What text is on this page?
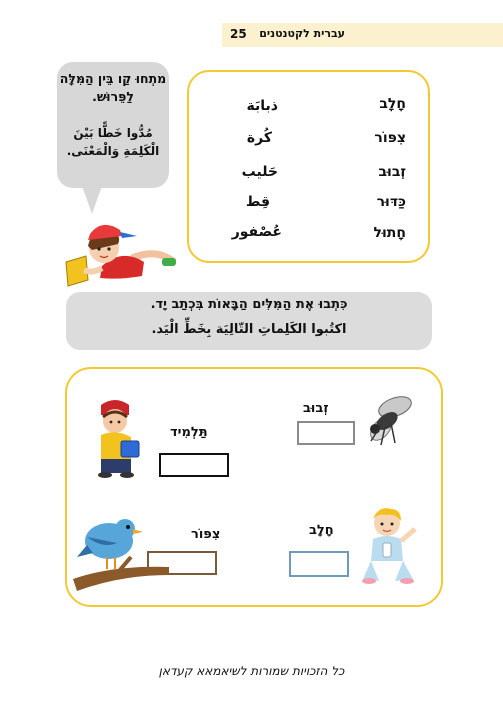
25 עברית לקטנטנים
מתְחוּ קַו בֵּין הַמִּלָּה לַפֵּרוּשׁ.
مُدُّوا خَطًّا بَيْنَ الْكَلِمَةِ وَالْمَعْنَى.
חָלָב
צִפּוֹר
זְבוּב
כַּדּוּר
חָתוּל
ذبابَة
كُرة
حَليب
قِط
عُصْفور
כִּתְבוּ אֶת הַמִּלִּים הַבָּאוֹת בִּכְתַב יָד.
اكتُبوا الكَلِماتِ التّالِيَة بِخَطِّ الْيَد.
זְבוּב
תַּלְמִיד
צִפּוֹר	חָלָב
כל הזכויות שמורות לשיאמאא קעדאן
